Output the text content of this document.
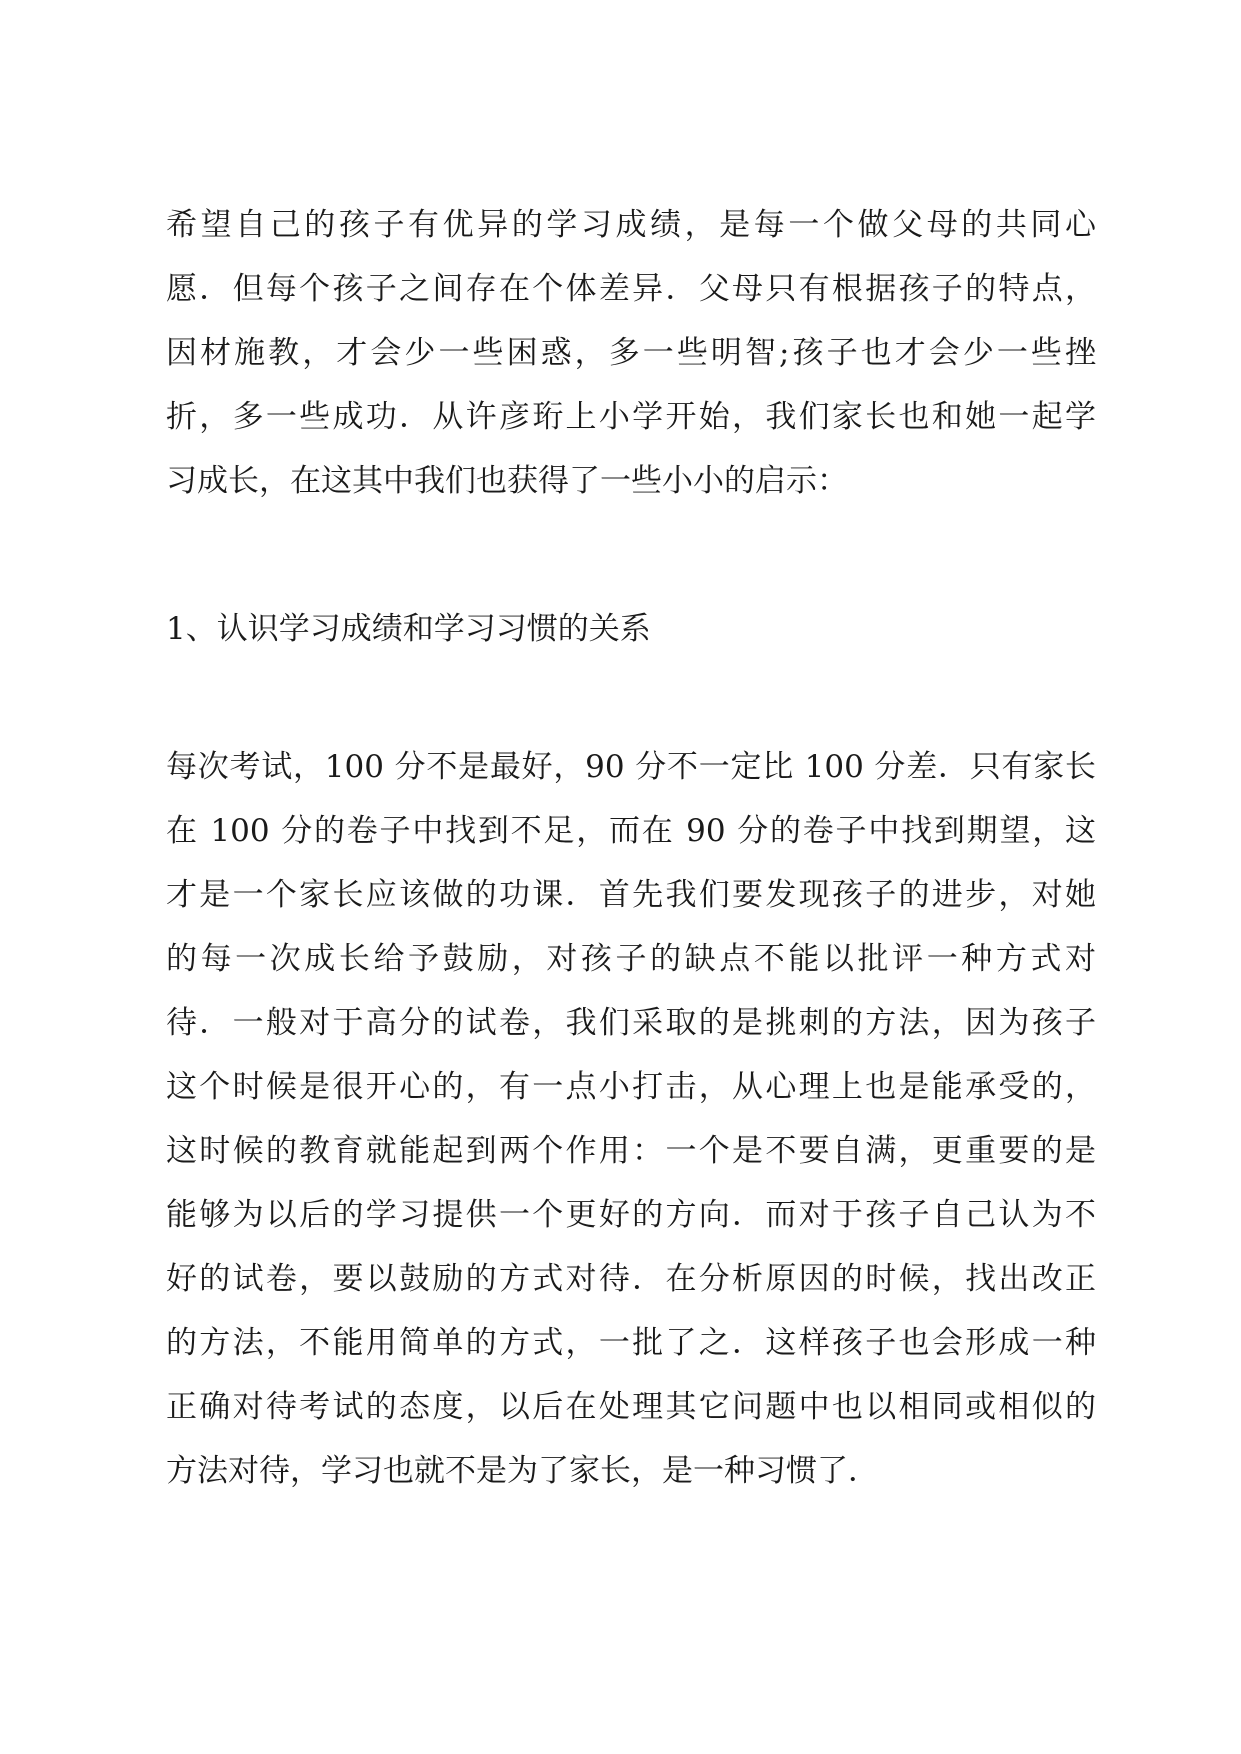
希望自己的孩子有优异的学习成绩，是每一个做父母的共同心
愿．但每个孩子之间存在个体差异．父母只有根据孩子的特点，
因材施教，才会少一些困惑，多一些明智;孩子也才会少一些挫
折，多一些成功．从许彦珩上小学开始，我们家长也和她一起学
习成长，在这其中我们也获得了一些小小的启示：
1、认识学习成绩和学习习惯的关系
每次考试，100 分不是最好，90 分不一定比 100 分差．只有家长
在 100 分的卷子中找到不足，而在 90 分的卷子中找到期望，这
才是一个家长应该做的功课．首先我们要发现孩子的进步，对她
的每一次成长给予鼓励，对孩子的缺点不能以批评一种方式对
待．一般对于高分的试卷，我们采取的是挑刺的方法，因为孩子
这个时候是很开心的，有一点小打击，从心理上也是能承受的，
这时候的教育就能起到两个作用：一个是不要自满，更重要的是
能够为以后的学习提供一个更好的方向．而对于孩子自己认为不
好的试卷，要以鼓励的方式对待．在分析原因的时候，找出改正
的方法，不能用简单的方式，一批了之．这样孩子也会形成一种
正确对待考试的态度，以后在处理其它问题中也以相同或相似的
方法对待，学习也就不是为了家长，是一种习惯了．
